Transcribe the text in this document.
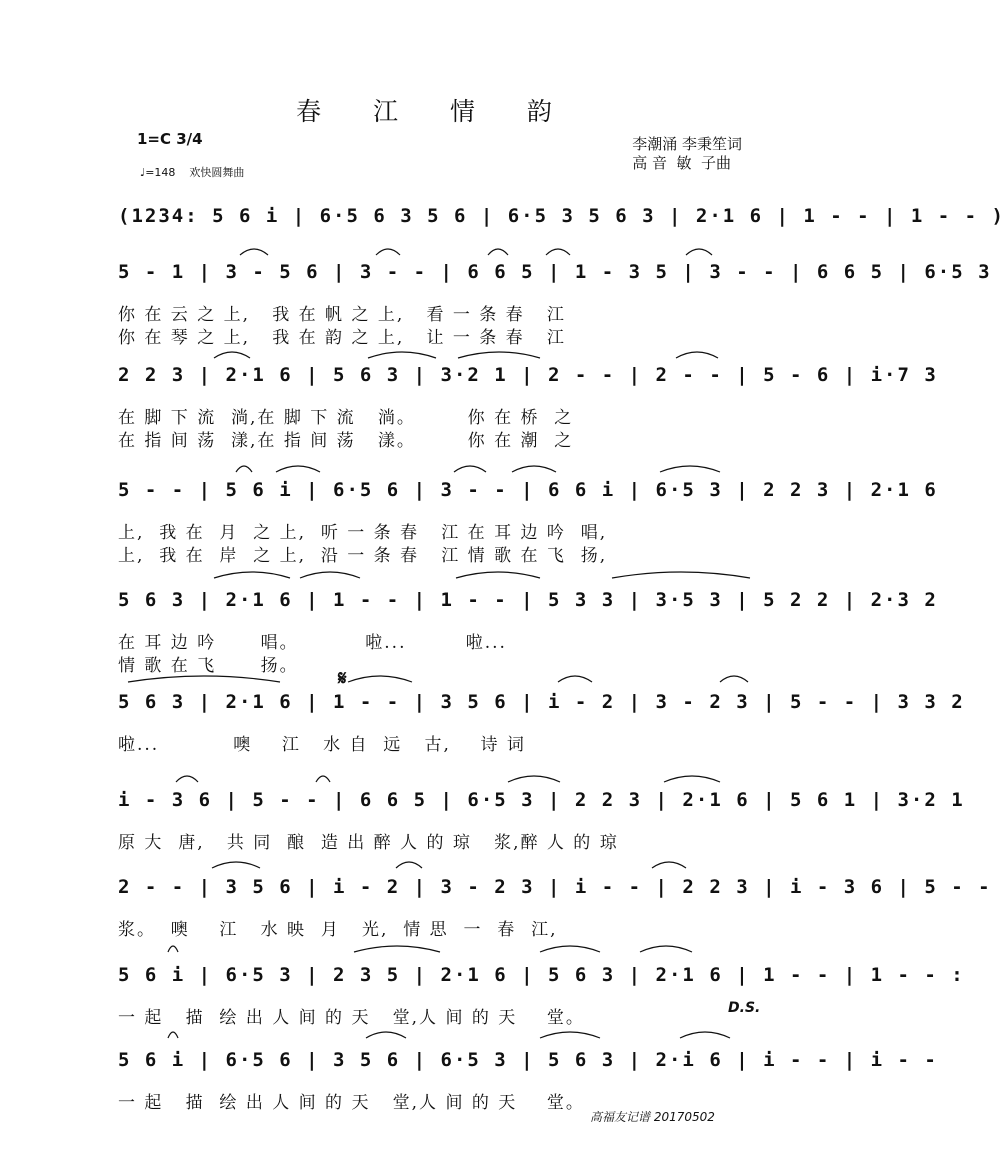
春 江 情 韵
1=C 3/4
♩=148    欢快圆舞曲
李潮涌 李秉笙词
高 音  敏  子曲
(1234: 5 6 i | 6·5 6 3 5 6 | 6·5 3 5 6 3 | 2·1 6 | 1 - - | 1 - - )
5 - 1 | 3 - 5 6 | 3 - - | 6 6 5 | 1 - 3 5 | 3 - - | 6 6 5 | 6·5 3
你 在 云 之 上,   我 在 帆 之 上,   看 一 条 春   江
你 在 琴 之 上,   我 在 韵 之 上,   让 一 条 春   江
2 2 3 | 2·1 6 | 5 6 3 | 3·2 1 | 2 - - | 2 - - | 5 - 6 | i·7 3
在 脚 下 流  淌,在 脚 下 流   淌。       你 在 桥  之
在 指 间 荡  漾,在 指 间 荡   漾。       你 在 潮  之
5 - - | 5 6 i | 6·5 6 | 3 - - | 6 6 i | 6·5 3 | 2 2 3 | 2·1 6
上,  我 在  月  之 上,  听 一 条 春   江 在 耳 边 吟  唱,
上,  我 在  岸  之 上,  沿 一 条 春   江 情 歌 在 飞  扬,
5 6 3 | 2·1 6 | 1 - - | 1 - - | 5 3 3 | 3·5 3 | 5 2 2 | 2·3 2
在 耳 边 吟      唱。         啦...        啦...
情 歌 在 飞      扬。
5 6 3 | 2·1 6 | 1 - - | 3 5 6 | i - 2 | 3 - 2 3 | 5 - - | 3 3 2
啦...          噢    江   水 自  远   古,    诗 词
i - 3 6 | 5 - - | 6 6 5 | 6·5 3 | 2 2 3 | 2·1 6 | 5 6 1 | 3·2 1
原 大  唐,   共 同  酿  造 出 醉 人 的 琼   浆,醉 人 的 琼
2 - - | 3 5 6 | i - 2 | 3 - 2 3 | i - - | 2 2 3 | i - 3 6 | 5 - -
浆。  噢    江   水 映  月   光,  情 思  一  春  江,
5 6 i | 6·5 3 | 2 3 5 | 2·1 6 | 5 6 3 | 2·1 6 | 1 - - | 1 - - :
一 起   描  绘 出 人 间 的 天   堂,人 间 的 天    堂。
5 6 i | 6·5 6 | 3 5 6 | 6·5 3 | 5 6 3 | 2·i 6 | i - - | i - -
一 起   描  绘 出 人 间 的 天   堂,人 间 的 天    堂。
D.S.
𝄋
高福友记谱 20170502
